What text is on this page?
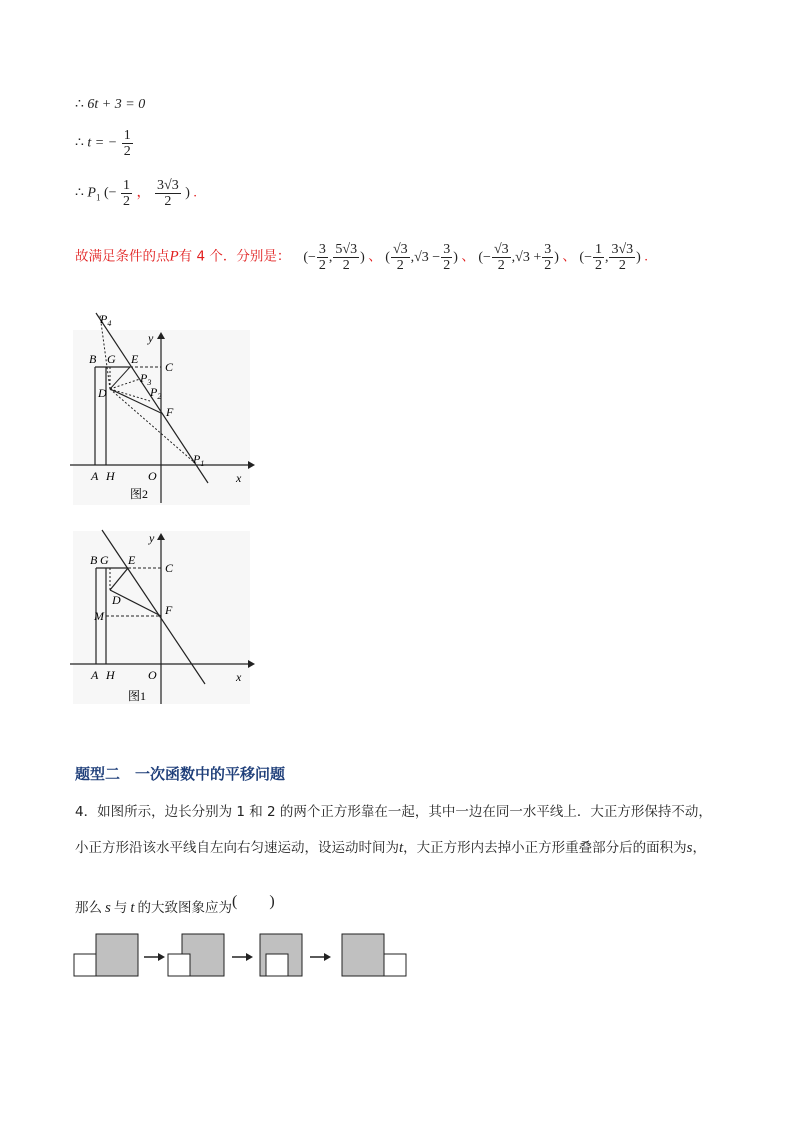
∴ 6t + 3 = 0
∴ t = − $\frac{1}{2}$
∴ $P_1$ (− $\frac{1}{2}$ ， $\frac{3√3}{2}$ ) .
故满足条件的点P有 4 个．分别是： (− $\frac{3}{2}$ , $\frac{5√3}{2}$ ) 、 ( $\frac{√3}{2} ,√3 - \frac{3}{2}$ ) 、 (− $\frac{√3}{2} ,√3 + \frac{3}{2}$ ) 、 (− $\frac{1}{2}$ , $\frac{3√3}{2}$ ) .
$P_4$
y
B G E
C
$P_3$
$P_2$
D
F
$P_1$
A H	O	x
图2
y
B G E
C
D
M	F
A H	O	x
图1
题型二　一次函数中的平移问题
4．如图所示，边长分别为 1 和 2 的两个正方形靠在一起，其中一边在同一水平线上．大正方形保持不动，
小正方形沿该水平线自左向右匀速运动，设运动时间为t，大正方形内去掉小正方形重叠部分后的面积为s，
那么 s 与 t 的大致图象应为(　　)
